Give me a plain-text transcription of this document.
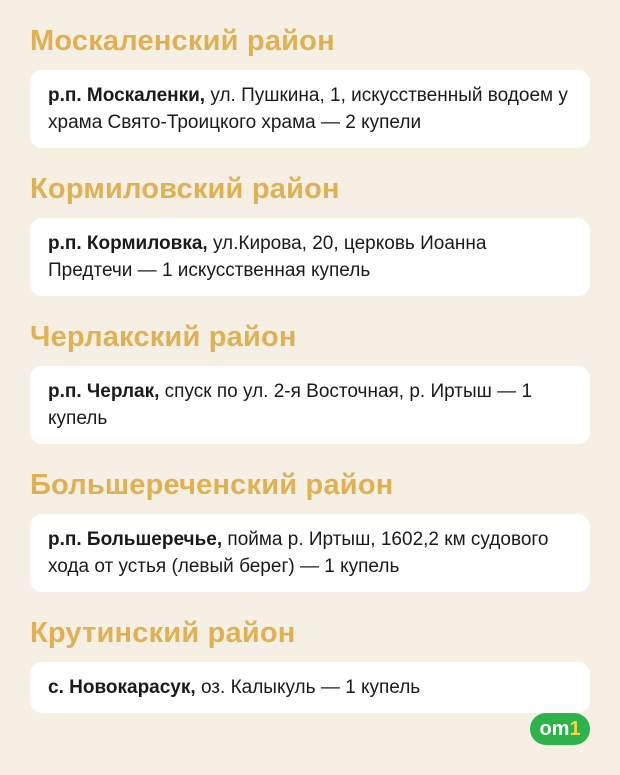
Москаленский район
р.п. Москаленки, ул. Пушкина, 1, искусственный водоем у храма Свято-Троицкого храма — 2 купели
Кормиловский район
р.п. Кормиловка, ул.Кирова, 20, церковь Иоанна Предтечи — 1 искусственная купель
Черлакский район
р.п. Черлак, спуск по ул. 2-я Восточная, р. Иртыш — 1 купель
Большереченский район
р.п. Большеречье, пойма р. Иртыш, 1602,2 км судового хода от устья (левый берег) — 1 купель
Крутинский район
с. Новокарасук, оз. Калыкуль — 1 купель
om 1
